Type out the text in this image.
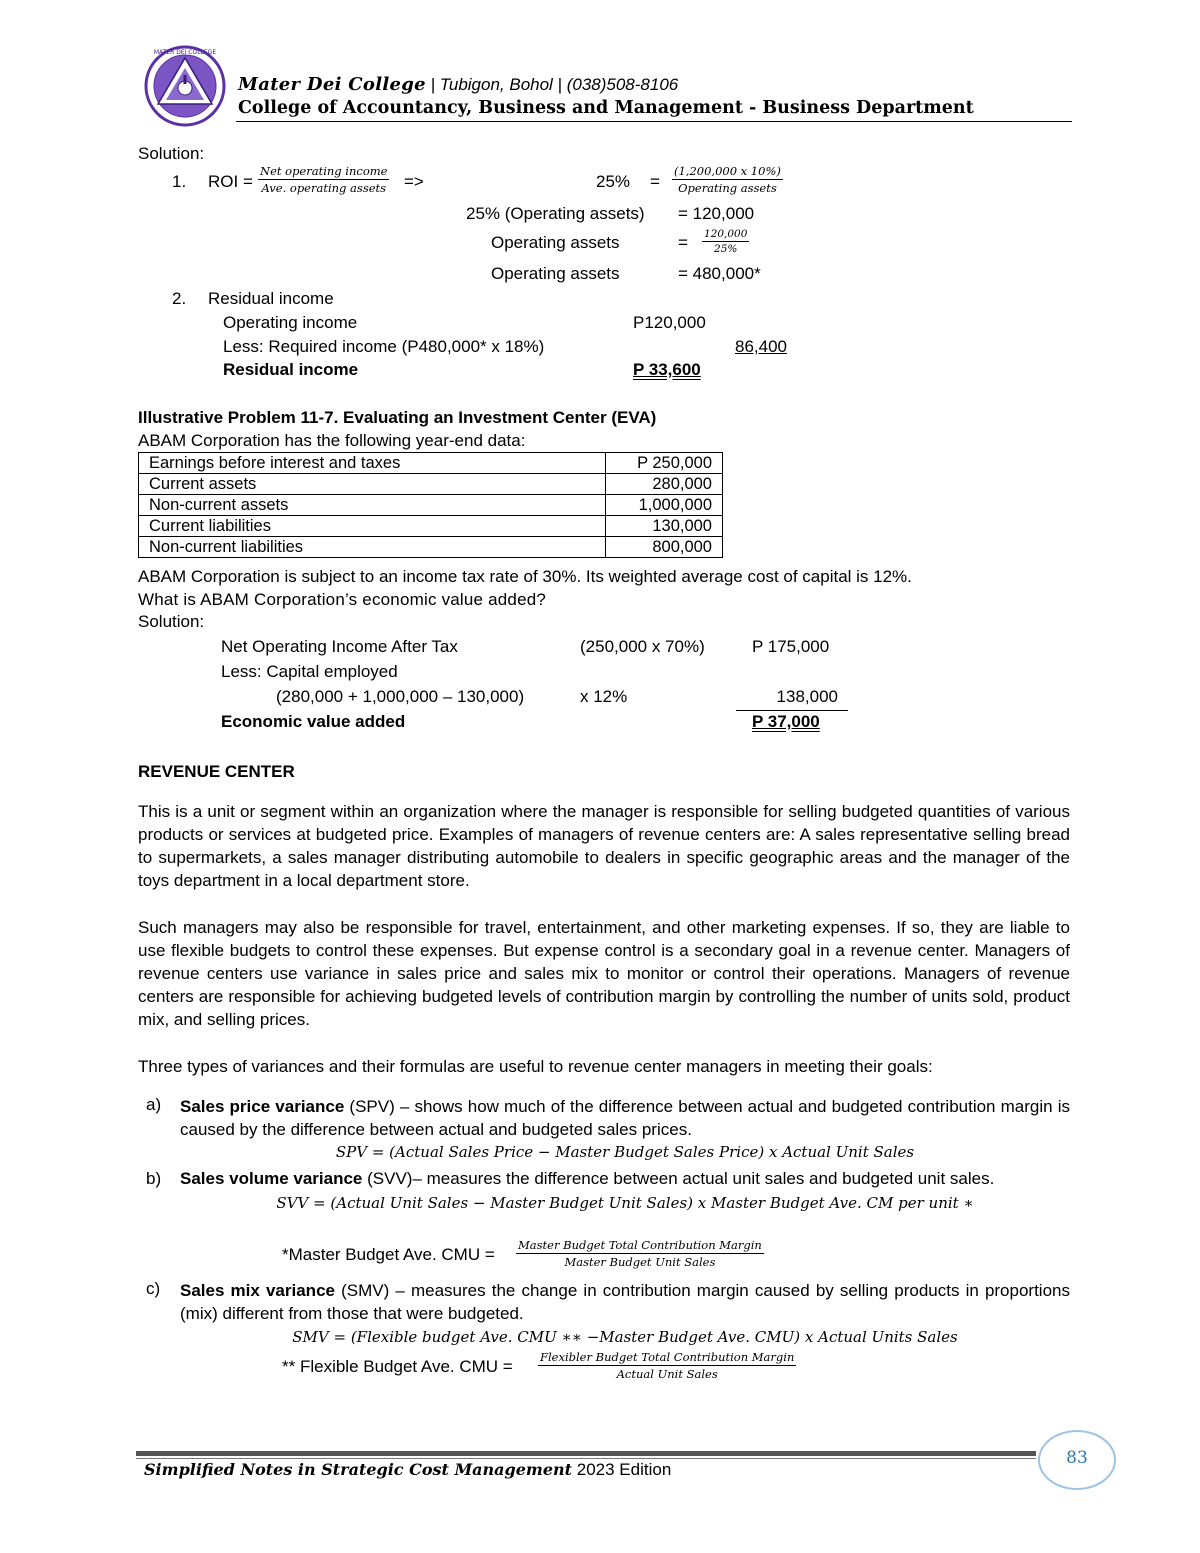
MATER DEI COLLEGE
Mater Dei College | Tubigon, Bohol | (038)508-8106
College of Accountancy, Business and Management - Business Department
Solution:
1. ROI =
Net operating income
Ave. operating assets =>	25% =
(1,200,000 x 10%)
Operating assets
25% (Operating assets) = 120,000
Operating assets	= $\frac{120,000}{25\%}$
Operating assets	= 480,000*
2. Residual income
Operating income	P120,000
Less: Required income (P480,000* x 18%)	86,400
Residual income	P 33,600
Illustrative Problem 11-7. Evaluating an Investment Center (EVA)
ABAM Corporation has the following year-end data:
Earnings before interest and taxes	P 250,000
Current assets	280,000
Non-current assets	1,000,000
Current liabilities	130,000
Non-current liabilities	800,000
ABAM Corporation is subject to an income tax rate of 30%. Its weighted average cost of capital is 12%.
What is ABAM Corporation’s economic value added?
Solution:
Net Operating Income After Tax	(250,000 x 70%)	P 175,000
Less: Capital employed
(280,000 + 1,000,000 – 130,000)	x 12%	138,000
Economic value added	P 37,000
REVENUE CENTER
This is a unit or segment within an organization where the manager is responsible for selling budgeted quantities of various products or services at budgeted price. Examples of managers of revenue centers are: A sales representative selling bread to supermarkets, a sales manager distributing automobile to dealers in specific geographic areas and the manager of the toys department in a local department store.
Such managers may also be responsible for travel, entertainment, and other marketing expenses. If so, they are liable to use flexible budgets to control these expenses. But expense control is a secondary goal in a revenue center. Managers of revenue centers use variance in sales price and sales mix to monitor or control their operations. Managers of revenue centers are responsible for achieving budgeted levels of contribution margin by controlling the number of units sold, product mix, and selling prices.
Three types of variances and their formulas are useful to revenue center managers in meeting their goals:
a) Sales price variance (SPV) – shows how much of the difference between actual and budgeted contribution margin is caused by the difference between actual and budgeted sales prices.
SPV = (Actual Sales Price − Master Budget Sales Price) x Actual Unit Sales
b) Sales volume variance (SVV)– measures the difference between actual unit sales and budgeted unit sales.
SVV = (Actual Unit Sales − Master Budget Unit Sales) x Master Budget Ave. CM per unit ∗
*Master Budget Ave. CMU = Master Budget Total Contribution Margin
Master Budget Unit Sales
c) Sales mix variance (SMV) – measures the change in contribution margin caused by selling products in proportions (mix) different from those that were budgeted.
SMV = (Flexible budget Ave. CMU ∗∗ −Master Budget Ave. CMU) x Actual Units Sales
** Flexible Budget Ave. CMU = Flexibler Budget Total Contribution Margin
Actual Unit Sales
Simplified Notes in Strategic Cost Management 2023 Edition
83
